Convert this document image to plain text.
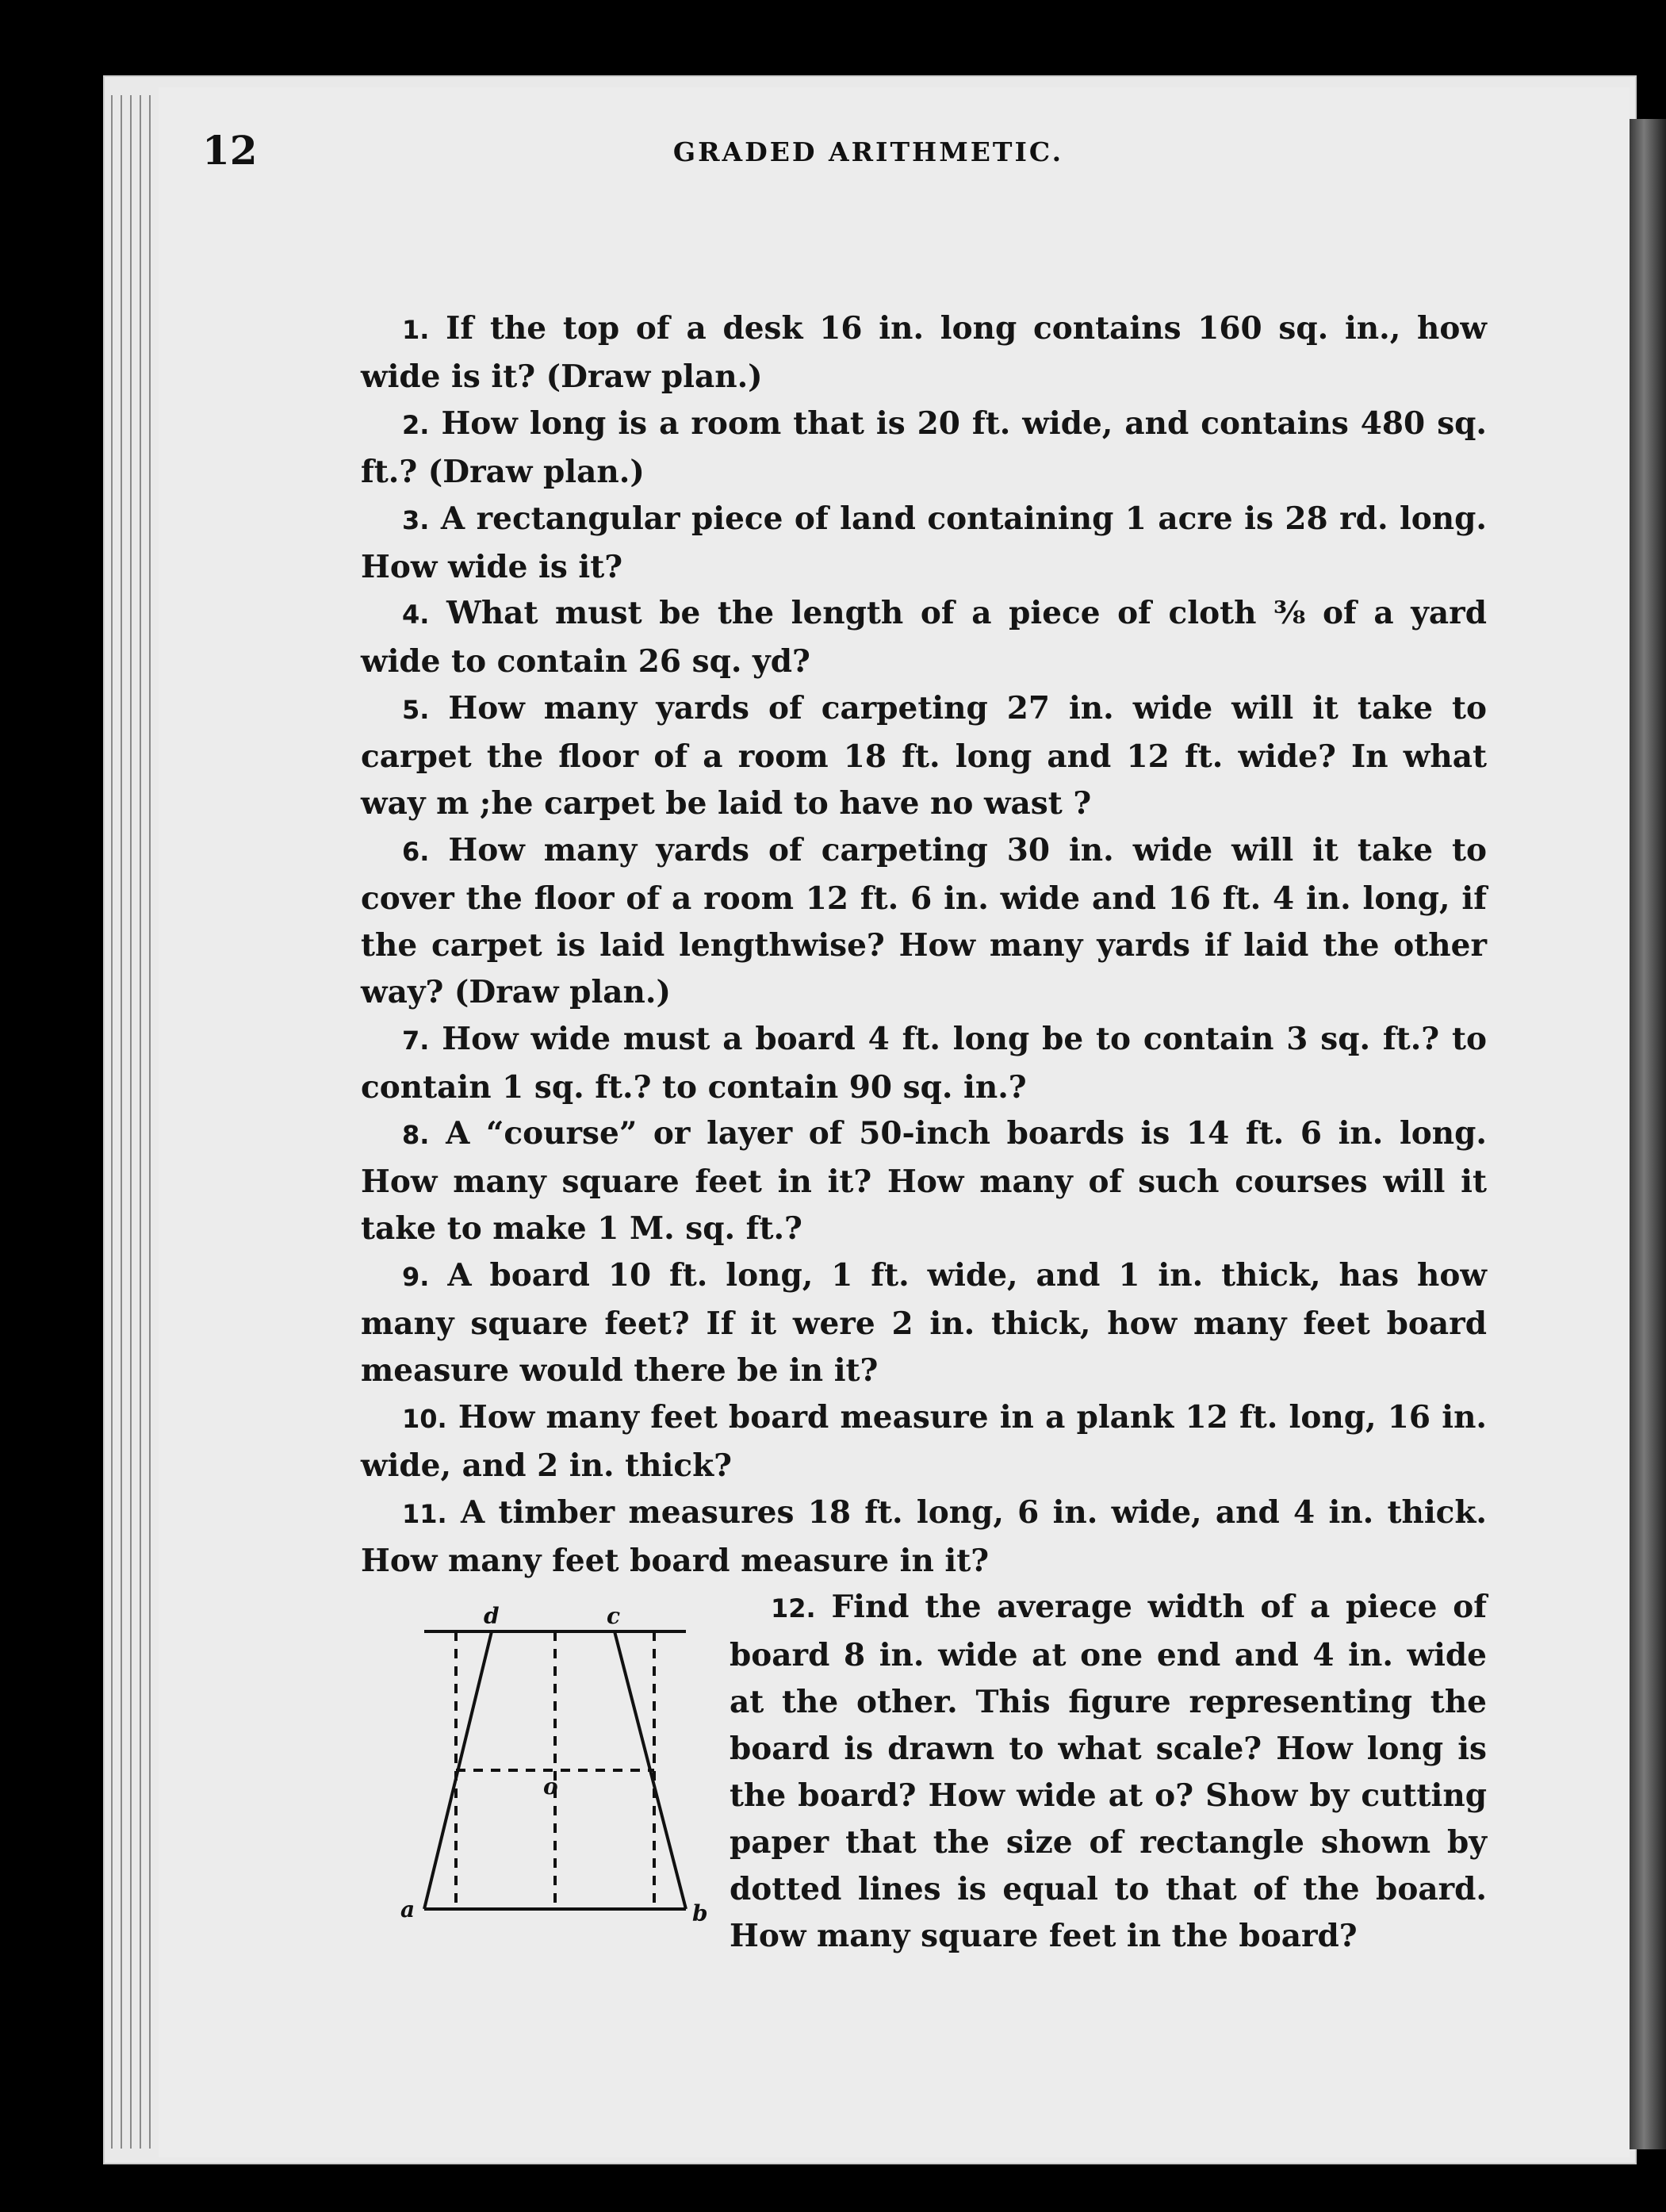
12	GRADED ARITHMETIC.

1. If the top of a desk 16 in. long contains 160 sq. in., how wide is it? (Draw plan.)

2. How long is a room that is 20 ft. wide, and contains 480 sq. ft.? (Draw plan.)

3. A rectangular piece of land containing 1 acre is 28 rd. long. How wide is it?

4. What must be the length of a piece of cloth ⅜ of a yard wide to contain 26 sq. yd?

5. How many yards of carpeting 27 in. wide will it take to carpet the floor of a room 18 ft. long and 12 ft. wide? In what way m ;he carpet be laid to have no wast ?

6. How many yards of carpeting 30 in. wide will it take to cover the floor of a room 12 ft. 6 in. wide and 16 ft. 4 in. long, if the carpet is laid lengthwise? How many yards if laid the other way? (Draw plan.)

7. How wide must a board 4 ft. long be to contain 3 sq. ft.? to contain 1 sq. ft.? to contain 90 sq. in.?

8. A “course” or layer of 50-inch boards is 14 ft. 6 in. long. How many square feet in it? How many of such courses will it take to make 1 M. sq. ft.?

9. A board 10 ft. long, 1 ft. wide, and 1 in. thick, has how many square feet? If it were 2 in. thick, how many feet board measure would there be in it?

10. How many feet board measure in a plank 12 ft. long, 16 in. wide, and 2 in. thick?

11. A timber measures 18 ft. long, 6 in. wide, and 4 in. thick. How many feet board measure in it?

a	b
c
d
o

12. Find the average width of a piece of board 8 in. wide at one end and 4 in. wide at the other. This figure representing the board is drawn to what scale? How long is the board? How wide at o? Show by cutting paper that the size of rectangle shown by dotted lines is equal to that of the board. How many square feet in the board?
